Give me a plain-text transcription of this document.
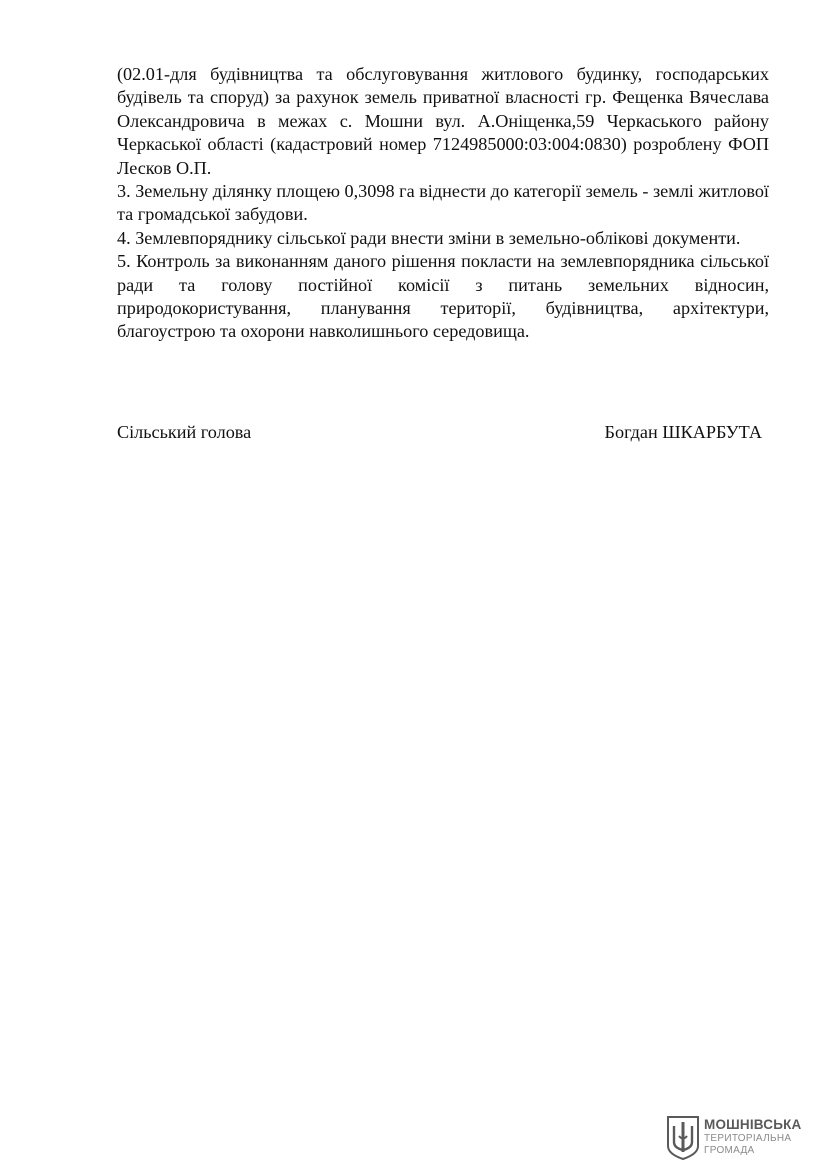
(02.01-для будівництва та обслуговування житлового будинку, господарських будівель та споруд) за рахунок земель приватної власності гр. Фещенка Вячеслава Олександровича в межах с. Мошни вул. А.Оніщенка,59 Черкаського району Черкаської області (кадастровий номер 7124985000:03:004:0830) розроблену ФОП Лесков О.П.

3. Земельну ділянку площею 0,3098 га віднести до категорії земель - землі житлової та громадської забудови.

4. Землевпоряднику сільської ради внести зміни в земельно-облікові документи.

5. Контроль за виконанням даного рішення покласти на землевпорядника сільської ради та голову постійної комісії з питань земельних відносин, природокористування, планування території, будівництва, архітектури, благоустрою та охорони навколишнього середовища.

Сільський голова	Богдан ШКАРБУТА
МОШНІВСЬКА
ТЕРИТОРІАЛЬНА
ГРОМАДА
